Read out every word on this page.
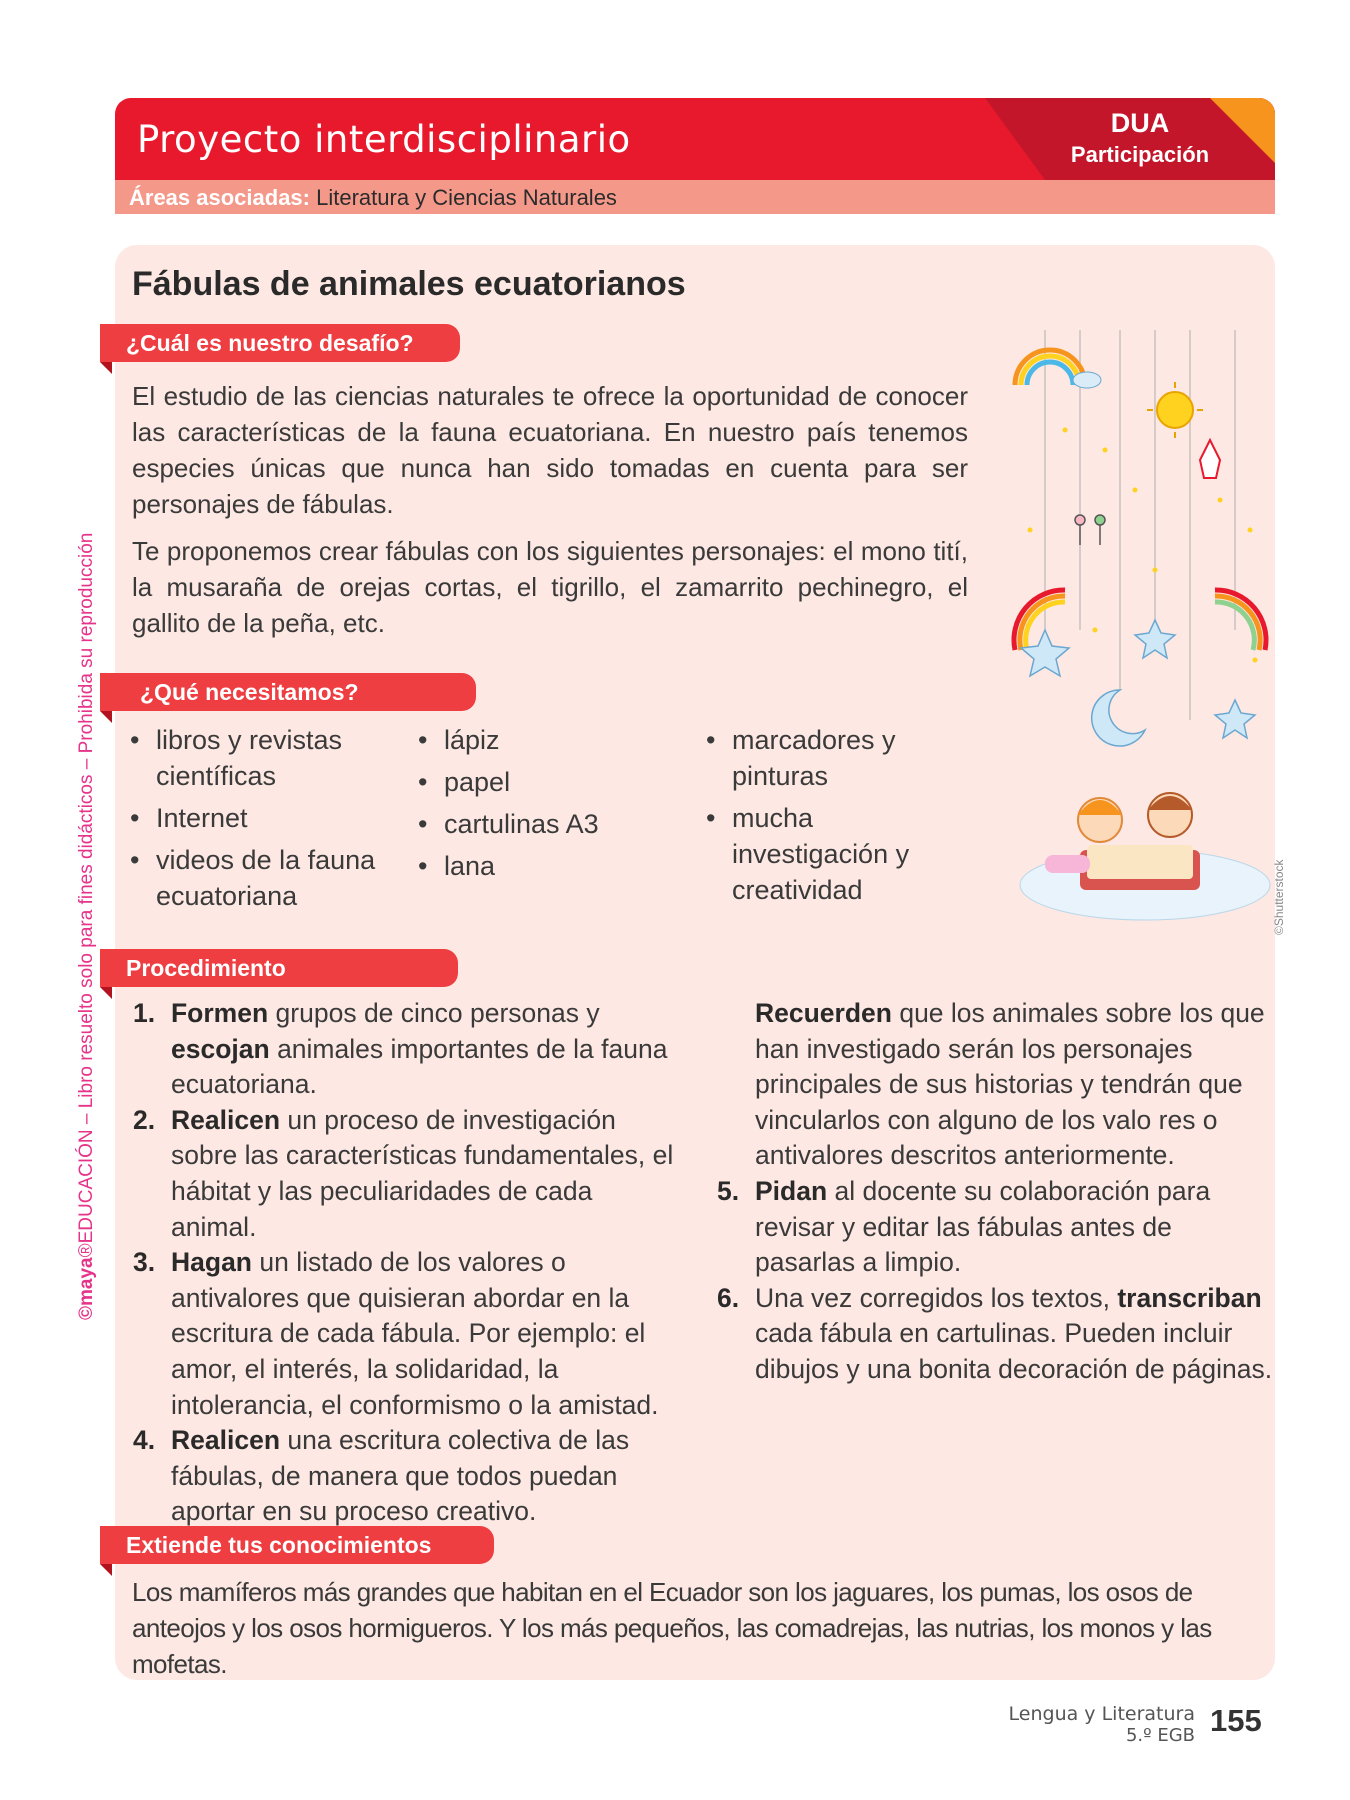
Proyecto interdisciplinario	DUA
Participación
Áreas asociadas: Literatura y Ciencias Naturales
©maya®EDUCACIÓN – Libro resuelto solo para fines didácticos – Prohibida su reproducción
Fábulas de animales ecuatorianos
¿Cuál es nuestro desafío?
El estudio de las ciencias naturales te ofrece la oportunidad de conocer las características de la fauna ecuatoriana. En nuestro país tenemos especies únicas que nunca han sido tomadas en cuenta para ser personajes de fábulas.
Te proponemos crear fábulas con los siguientes personajes: el mono tití, la musaraña de orejas cortas, el tigrillo, el zamarrito pechinegro, el gallito de la peña, etc.
©Shutterstock
¿Qué necesitamos?
• libros y revistas científicas
• Internet
• videos de la fauna ecuatoriana
• lápiz
• papel
• cartulinas A3
• lana
• marcadores y pinturas
• mucha investigación y creatividad
Procedimiento
1. Formen grupos de cinco personas y escojan animales importantes de la fauna ecuatoriana.
2. Realicen un proceso de investigación sobre las características fundamentales, el hábitat y las peculiaridades de cada animal.
3. Hagan un listado de los valores o antivalores que quisieran abordar en la escritura de cada fábula. Por ejemplo: el amor, el interés, la solidaridad, la intolerancia, el conformismo o la amistad.
4. Realicen una escritura colectiva de las fábulas, de manera que todos puedan aportar en su proceso creativo.
Recuerden que los animales sobre los que han investigado serán los personajes principales de sus historias y tendrán que vincularlos con alguno de los valo res o antivalores descritos anteriormente.
5. Pidan al docente su colaboración para revisar y editar las fábulas antes de pasarlas a limpio.
6. Una vez corregidos los textos, transcriban cada fábula en cartulinas. Pueden incluir dibujos y una bonita decoración de páginas.
Extiende tus conocimientos
Los mamíferos más grandes que habitan en el Ecuador son los jaguares, los pumas, los osos de anteojos y los osos hormigueros. Y los más pequeños, las comadrejas, las nutrias, los monos y las mofetas.
Lengua y Literatura
5.º EGB 155
